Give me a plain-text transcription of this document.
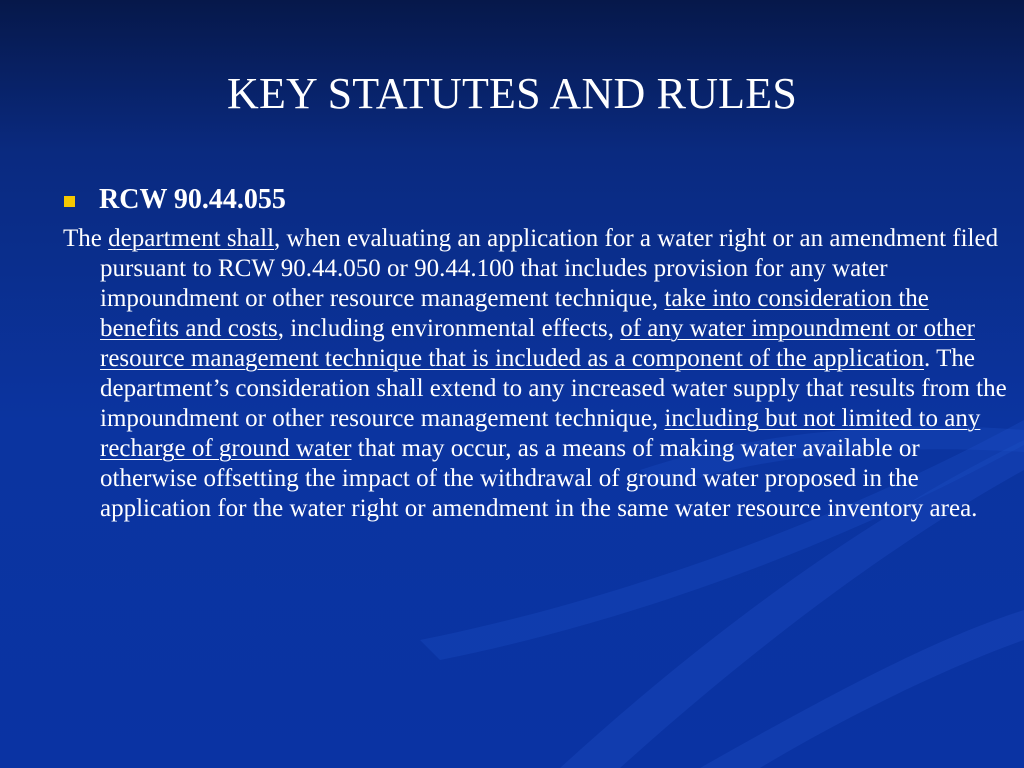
KEY STATUTES AND RULES
RCW 90.44.055

The department shall, when evaluating an application for a water right or an amendment filed pursuant to RCW 90.44.050 or 90.44.100 that includes provision for any water impoundment or other resource management technique, take into consideration the benefits and costs, including environmental effects, of any water impoundment or other resource management technique that is included as a component of the application. The department’s consideration shall extend to any increased water supply that results from the impoundment or other resource management technique, including but not limited to any recharge of ground water that may occur, as a means of making water available or otherwise offsetting the impact of the withdrawal of ground water proposed in the application for the water right or amendment in the same water resource inventory area.
